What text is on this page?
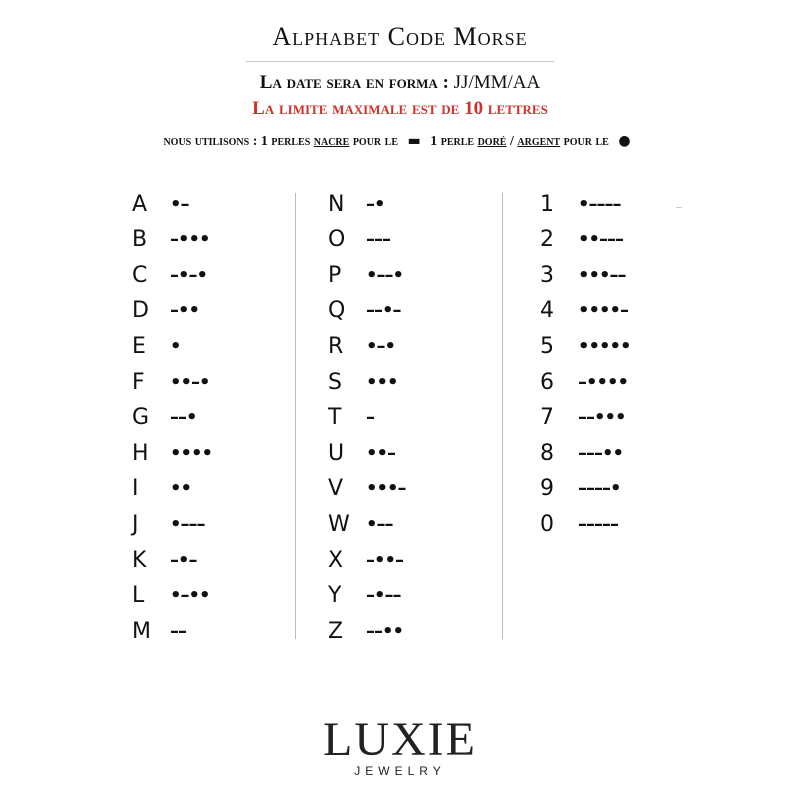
Alphabet Code Morse
La date sera en forma : JJ/MM/AA
La limite maximale est de 10 lettres
nous utilisons : 1 perles nacre pour le ▬ 1 perle doré / argent pour le ●
A	•–
B	–•••
C	–•–•
D	–••
E	•
F	••–•
G	––•
H	••••
I	••
J	•–––
K	–•–
L	•–••
M	––
N	–•
O	–––
P	•––•
Q	––•–
R	•–•
S	•••
T	–
U	••–
V	•••–
W •––
X	–••–
Y	–•––
Z	––••
1	•––––
2	••–––
3	•••––
4	••••–
5	•••••
6	–••••
7	––•••
8	–––••
9	––––•
0	–––––
LUXIE
JEWELRY
